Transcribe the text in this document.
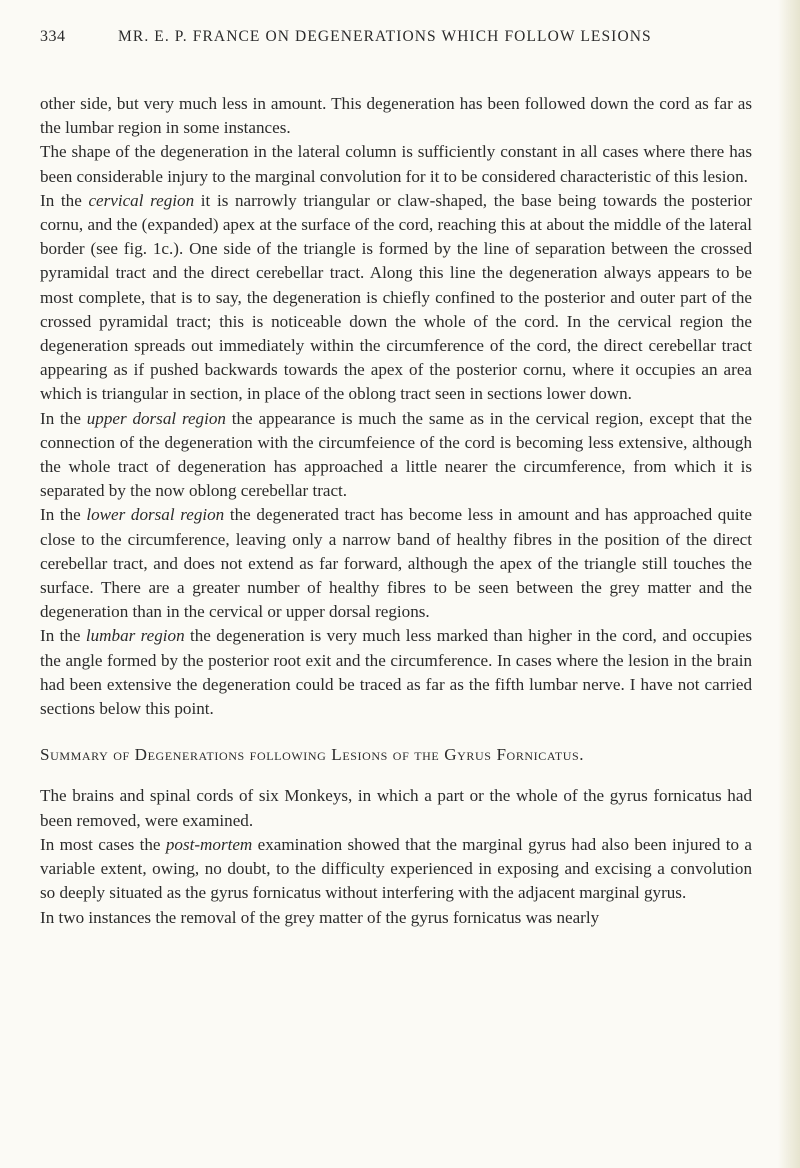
334	MR. E. P. FRANCE ON DEGENERATIONS WHICH FOLLOW LESIONS

other side, but very much less in amount. This degeneration has been followed down the cord as far as the lumbar region in some instances.

The shape of the degeneration in the lateral column is sufficiently constant in all cases where there has been considerable injury to the marginal convolution for it to be considered characteristic of this lesion.

In the cervical region it is narrowly triangular or claw-shaped, the base being towards the posterior cornu, and the (expanded) apex at the surface of the cord, reaching this at about the middle of the lateral border (see fig. 1c.). One side of the triangle is formed by the line of separation between the crossed pyramidal tract and the direct cerebellar tract. Along this line the degeneration always appears to be most complete, that is to say, the degeneration is chiefly confined to the posterior and outer part of the crossed pyramidal tract; this is noticeable down the whole of the cord. In the cervical region the degeneration spreads out immediately within the circumference of the cord, the direct cerebellar tract appearing as if pushed backwards towards the apex of the posterior cornu, where it occupies an area which is triangular in section, in place of the oblong tract seen in sections lower down.

In the upper dorsal region the appearance is much the same as in the cervical region, except that the connection of the degeneration with the circumfeience of the cord is becoming less extensive, although the whole tract of degeneration has approached a little nearer the circumference, from which it is separated by the now oblong cerebellar tract.

In the lower dorsal region the degenerated tract has become less in amount and has approached quite close to the circumference, leaving only a narrow band of healthy fibres in the position of the direct cerebellar tract, and does not extend as far forward, although the apex of the triangle still touches the surface. There are a greater number of healthy fibres to be seen between the grey matter and the degeneration than in the cervical or upper dorsal regions.

In the lumbar region the degeneration is very much less marked than higher in the cord, and occupies the angle formed by the posterior root exit and the circumference. In cases where the lesion in the brain had been extensive the degeneration could be traced as far as the fifth lumbar nerve. I have not carried sections below this point.

Summary of Degenerations following Lesions of the Gyrus Fornicatus.

The brains and spinal cords of six Monkeys, in which a part or the whole of the gyrus fornicatus had been removed, were examined.

In most cases the post-mortem examination showed that the marginal gyrus had also been injured to a variable extent, owing, no doubt, to the difficulty experienced in exposing and excising a convolution so deeply situated as the gyrus fornicatus without interfering with the adjacent marginal gyrus.

In two instances the removal of the grey matter of the gyrus fornicatus was nearly
